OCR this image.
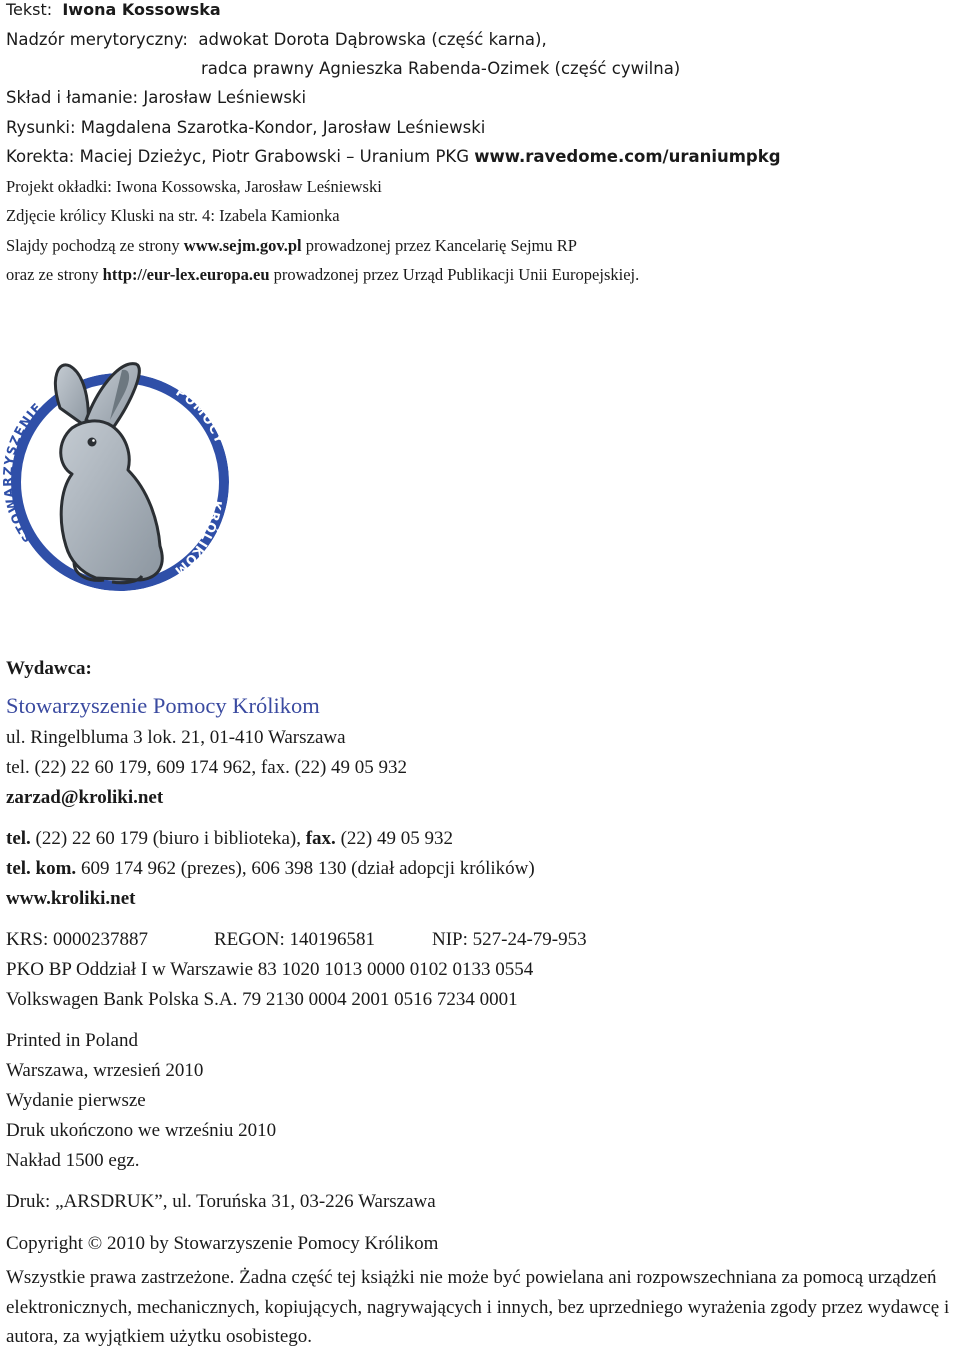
Tekst: Iwona Kossowska
Nadzór merytoryczny: adwokat Dorota Dąbrowska (część karna),
radca prawny Agnieszka Rabenda-Ozimek (część cywilna)
Skład i łamanie: Jarosław Leśniewski
Rysunki: Magdalena Szarotka-Kondor, Jarosław Leśniewski
Korekta: Maciej Dzieżyc, Piotr Grabowski – Uranium PKG www.ravedome.com/uraniumpkg
Projekt okładki: Iwona Kossowska, Jarosław Leśniewski
Zdjęcie królicy Kluski na str. 4: Izabela Kamionka
Slajdy pochodzą ze strony www.sejm.gov.pl prowadzonej przez Kancelarię Sejmu RP
oraz ze strony http://eur-lex.europa.eu prowadzonej przez Urząd Publikacji Unii Europejskiej.
STOWARZYSZENIE
POMOCY
KRÓLIKOM
Wydawca:
Stowarzyszenie Pomocy Królikom
ul. Ringelbluma 3 lok. 21, 01-410 Warszawa
tel. (22) 22 60 179, 609 174 962, fax. (22) 49 05 932
zarzad@kroliki.net
tel. (22) 22 60 179 (biuro i biblioteka), fax. (22) 49 05 932
tel. kom. 609 174 962 (prezes), 606 398 130 (dział adopcji królików)
www.kroliki.net
KRS: 0000237887	REGON: 140196581	NIP: 527-24-79-953
PKO BP Oddział I w Warszawie 83 1020 1013 0000 0102 0133 0554
Volkswagen Bank Polska S.A. 79 2130 0004 2001 0516 7234 0001
Printed in Poland
Warszawa, wrzesień 2010
Wydanie pierwsze
Druk ukończono we wrześniu 2010
Nakład 1500 egz.
Druk: „ARSDRUK”, ul. Toruńska 31, 03-226 Warszawa
Copyright © 2010 by Stowarzyszenie Pomocy Królikom
Wszystkie prawa zastrzeżone. Żadna część tej książki nie może być powielana ani rozpowszechniana za pomocą urządzeń elektronicznych, mechanicznych, kopiujących, nagrywających i innych, bez uprzedniego wyrażenia zgody przez wydawcę i autora, za wyjątkiem użytku osobistego.
